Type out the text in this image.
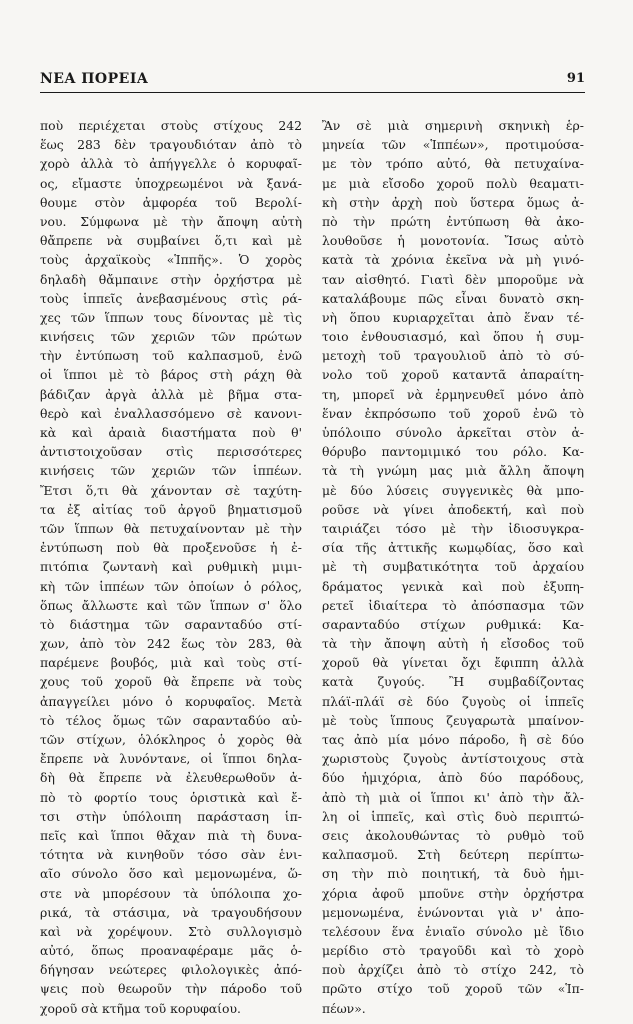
ΝΕΑ ΠΟΡΕΙΑ	91
ποὺ περιέχεται στοὺς στίχους 242
ἕως 283 δὲν τραγουδιόταν ἀπὸ τὸ
χορὸ ἀλλὰ τὸ ἀπήγγελλε ὁ κορυφαῖ-
ος, εἴμαστε ὑποχρεωμένοι νὰ ξανά-
θουμε στὸν ἀμφορέα τοῦ Βερολί-
νου. Σύμφωνα μὲ τὴν ἄποψη αὐτὴ
θἄπρεπε νὰ συμβαίνει ὅ,τι καὶ μὲ
τοὺς ἀρχαϊκοὺς «Ἱππῆς». Ὁ χορὸς
δηλαδὴ θἄμπαινε στὴν ὀρχήστρα μὲ
τοὺς ἱππεῖς ἀνεβασμένους στὶς ρά-
χες τῶν ἵππων τους δίνοντας μὲ τὶς
κινήσεις τῶν χεριῶν τῶν πρώτων
τὴν ἐντύπωση τοῦ καλπασμοῦ, ἐνῶ
οἱ ἵπποι μὲ τὸ βάρος στὴ ράχη θὰ
βάδιζαν ἀργὰ ἀλλὰ μὲ βῆμα στα-
θερὸ καὶ ἐναλλασσόμενο σὲ κανονι-
κὰ καὶ ἀραιὰ διαστήματα ποὺ θ'
ἀντιστοιχοῦσαν στὶς περισσότερες
κινήσεις τῶν χεριῶν τῶν ἱππέων.
Ἔτσι ὅ,τι θὰ χάνονταν σὲ ταχύτη-
τα ἐξ αἰτίας τοῦ ἀργοῦ βηματισμοῦ
τῶν ἵππων θὰ πετυχαίνονταν μὲ τὴν
ἐντύπωση ποὺ θὰ προξενοῦσε ἡ ἐ-
πιτόπια ζωντανὴ καὶ ρυθμικὴ μιμι-
κὴ τῶν ἱππέων τῶν ὁποίων ὁ ρόλος,
ὅπως ἄλλωστε καὶ τῶν ἵππων σ' ὅλο
τὸ διάστημα τῶν σαρανταδύο στί-
χων, ἀπὸ τὸν 242 ἕως τὸν 283, θὰ
παρέμενε βουβός, μιὰ καὶ τοὺς στί-
χους τοῦ χοροῦ θὰ ἔπρεπε νὰ τοὺς
ἀπαγγείλει μόνο ὁ κορυφαῖος. Μετὰ
τὸ τέλος ὅμως τῶν σαρανταδύο αὐ-
τῶν στίχων, ὁλόκληρος ὁ χορὸς θὰ
ἔπρεπε νὰ λυνόντανε, οἱ ἵπποι δηλα-
δὴ θὰ ἔπρεπε νὰ ἐλευθερωθοῦν ἀ-
πὸ τὸ φορτίο τους ὁριστικὰ καὶ ἔ-
τσι στὴν ὑπόλοιπη παράσταση ἱπ-
πεῖς καὶ ἵπποι θἄχαν πιὰ τὴ δυνα-
τότητα νὰ κινηθοῦν τόσο σὰν ἑνι-
αῖο σύνολο ὅσο καὶ μεμονωμένα, ὥ-
στε νὰ μπορέσουν τὰ ὑπόλοιπα χο-
ρικά, τὰ στάσιμα, νὰ τραγουδήσουν
καὶ νὰ χορέψουν. Στὸ συλλογισμὸ
αὐτό, ὅπως προαναφέραμε μᾶς ὁ-
δήγησαν νεώτερες φιλολογικὲς ἀπό-
ψεις ποὺ θεωροῦν τὴν πάροδο τοῦ
χοροῦ σὰ κτῆμα τοῦ κορυφαίου.
Ἂν σὲ μιὰ σημερινὴ σκηνικὴ ἑρ-
μηνεία τῶν «Ἱππέων», προτιμούσα-
με τὸν τρόπο αὐτό, θὰ πετυχαίνα-
με μιὰ εἴσοδο χοροῦ πολὺ θεαματι-
κὴ στὴν ἀρχὴ ποὺ ὕστερα ὅμως ἀ-
πὸ τὴν πρώτη ἐντύπωση θὰ ἀκο-
λουθοῦσε ἡ μονοτονία. Ἴσως αὐτὸ
κατὰ τὰ χρόνια ἐκεῖνα νὰ μὴ γινό-
ταν αἰσθητό. Γιατὶ δὲν μποροῦμε νὰ
καταλάβουμε πῶς εἶναι δυνατὸ σκη-
νὴ ὅπου κυριαρχεῖται ἀπὸ ἕναν τέ-
τοιο ἐνθουσιασμό, καὶ ὅπου ἡ συμ-
μετοχὴ τοῦ τραγουλιοῦ ἀπὸ τὸ σύ-
νολο τοῦ χοροῦ καταντᾶ ἀπαραίτη-
τη, μπορεῖ νὰ ἑρμηνευθεῖ μόνο ἀπὸ
ἕναν ἐκπρόσωπο τοῦ χοροῦ ἐνῶ τὸ
ὑπόλοιπο σύνολο ἀρκεῖται στὸν ἀ-
θόρυβο παντομιμικό του ρόλο. Κα-
τὰ τὴ γνώμη μας μιὰ ἄλλη ἄποψη
μὲ δύο λύσεις συγγενικὲς θὰ μπο-
ροῦσε νὰ γίνει ἀποδεκτή, καὶ ποὺ
ταιριάζει τόσο μὲ τὴν ἰδιοσυγκρα-
σία τῆς ἀττικῆς κωμῳδίας, ὅσο καὶ
μὲ τὴ συμβατικότητα τοῦ ἀρχαίου
δράματος γενικὰ καὶ ποὺ ἐξυπη-
ρετεῖ ἰδιαίτερα τὸ ἀπόσπασμα τῶν
σαρανταδύο στίχων ρυθμικά: Κα-
τὰ τὴν ἄποψη αὐτὴ ἡ εἴσοδος τοῦ
χοροῦ θὰ γίνεται ὄχι ἔφιππη ἀλλὰ
κατὰ ζυγούς. Ἢ συμβαδίζοντας
πλάϊ-πλάϊ σὲ δύο ζυγοὺς οἱ ἱππεῖς
μὲ τοὺς ἵππους ζευγαρωτὰ μπαίνον-
τας ἀπὸ μία μόνο πάροδο, ἢ σὲ δύο
χωριστοὺς ζυγοὺς ἀντίστοιχους στὰ
δύο ἡμιχόρια, ἀπὸ δύο παρόδους,
ἀπὸ τὴ μιὰ οἱ ἵπποι κι' ἀπὸ τὴν ἄλ-
λη οἱ ἱππεῖς, καὶ στὶς δυὸ περιπτώ-
σεις ἀκολουθώντας τὸ ρυθμὸ τοῦ
καλπασμοῦ. Στὴ δεύτερη περίπτω-
ση τὴν πιὸ ποιητική, τὰ δυὸ ἡμι-
χόρια ἀφοῦ μποῦνε στὴν ὀρχήστρα
μεμονωμένα, ἑνώνονται γιὰ ν' ἀπο-
τελέσουν ἕνα ἑνιαῖο σύνολο μὲ ἴδιο
μερίδιο στὸ τραγοῦδι καὶ τὸ χορὸ
ποὺ ἀρχίζει ἀπὸ τὸ στίχο 242, τὸ
πρῶτο στίχο τοῦ χοροῦ τῶν «Ἱπ-
πέων».
